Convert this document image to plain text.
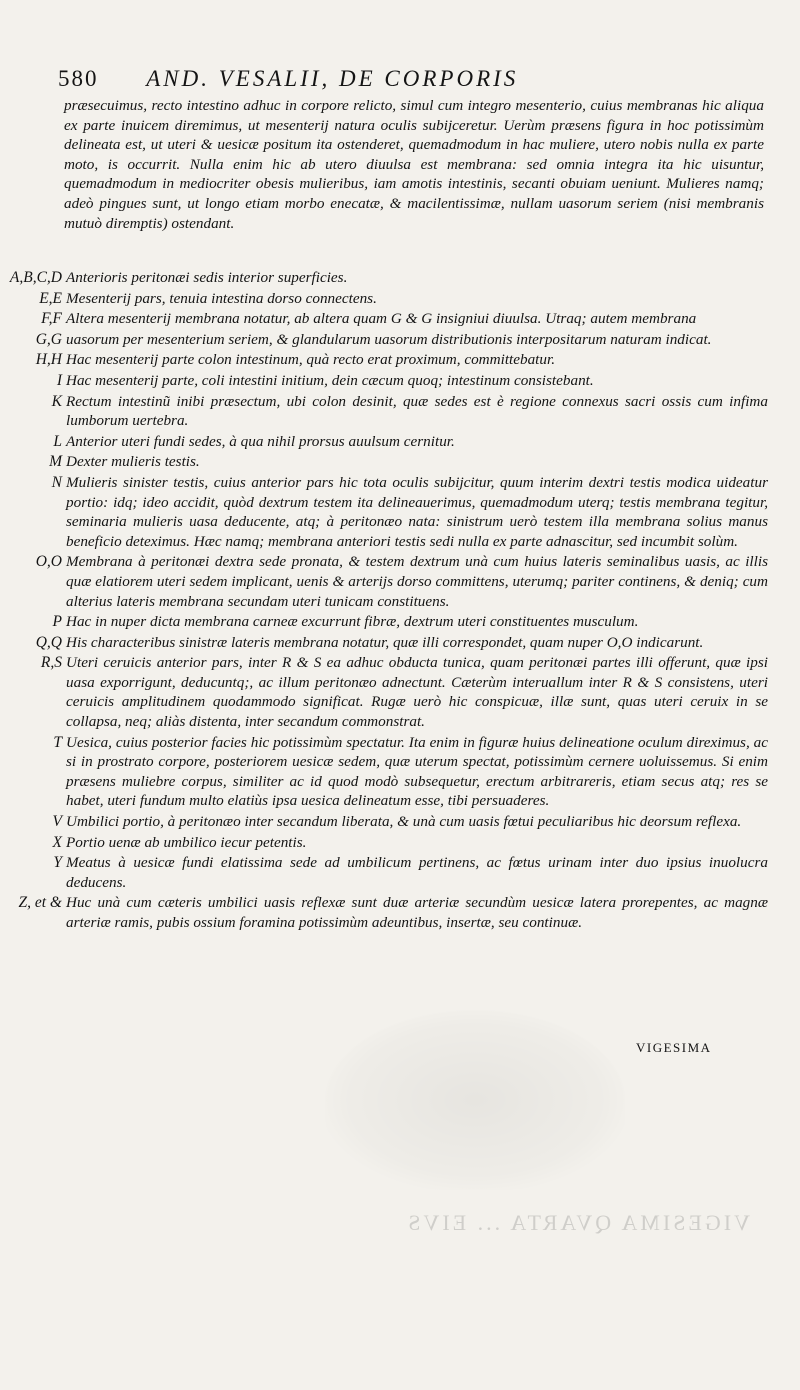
580 AND. VESALII, DE CORPORIS

præsecuimus, recto intestino adhuc in corpore relicto, simul cum integro mesenterio, cuius membranas hic aliqua ex parte inuicem diremimus, ut mesenterij natura oculis subijceretur. Uerùm præsens figura in hoc potissimùm delineata est, ut uteri & uesicæ positum ita ostenderet, quemadmodum in hac muliere, utero nobis nulla ex parte moto, is occurrit. Nulla enim hic ab utero diuulsa est membrana: sed omnia integra ita hic uisuntur, quemadmodum in mediocriter obesis mulieribus, iam amotis intestinis, secanti obuiam ueniunt. Mulieres namq; adeò pingues sunt, ut longo etiam morbo enecatæ, & macilentissimæ, nullam uasorum seriem (nisi membranis mutuò diremptis) ostendant.

A,B,C,D Anterioris peritonæi sedis interior superficies.
E,E Mesenterij pars, tenuia intestina dorso connectens.
F,F Altera mesenterij membrana notatur, ab altera quam G & G insigniui diuulsa. Utraq; autem membrana
G,G uasorum per mesenterium seriem, & glandularum uasorum distributionis interpositarum naturam indicat.
H,H Hac mesenterij parte colon intestinum, quà recto erat proximum, committebatur.
I Hac mesenterij parte, coli intestini initium, dein cæcum quoq; intestinum consistebant.
K Rectum intestinũ inibi præsectum, ubi colon desinit, quæ sedes est è regione connexus sacri ossis cum infima lumborum uertebra.
L Anterior uteri fundi sedes, à qua nihil prorsus auulsum cernitur.
M Dexter mulieris testis.
N Mulieris sinister testis, cuius anterior pars hic tota oculis subijcitur, quum interim dextri testis modica uideatur portio: idq; ideo accidit, quòd dextrum testem ita delineauerimus, quemadmodum uterq; testis membrana tegitur, seminaria mulieris uasa deducente, atq; à peritonæo nata: sinistrum uerò testem illa membrana solius manus beneficio deteximus. Hæc namq; membrana anteriori testis sedi nulla ex parte adnascitur, sed incumbit solùm.
O,O Membrana à peritonæi dextra sede pronata, & testem dextrum unà cum huius lateris seminalibus uasis, ac illis quæ elatiorem uteri sedem implicant, uenis & arterijs dorso committens, uterumq; pariter continens, & deniq; cum alterius lateris membrana secundam uteri tunicam constituens.
P Hac in nuper dicta membrana carneæ excurrunt fibræ, dextrum uteri constituentes musculum.
Q,Q His characteribus sinistræ lateris membrana notatur, quæ illi correspondet, quam nuper O,O indicarunt.
R,S Uteri ceruicis anterior pars, inter R & S ea adhuc obducta tunica, quam peritonæi partes illi offerunt, quæ ipsi uasa exporrigunt, deducuntq;, ac illum peritonæo adnectunt. Cæterùm interuallum inter R & S consistens, uteri ceruicis amplitudinem quodammodo significat. Rugæ uerò hic conspicuæ, illæ sunt, quas uteri ceruix in se collapsa, neq; aliàs distenta, inter secandum commonstrat.
T Uesica, cuius posterior facies hic potissimùm spectatur. Ita enim in figuræ huius delineatione oculum direximus, ac si in prostrato corpore, posteriorem uesicæ sedem, quæ uterum spectat, potissimùm cernere uoluissemus. Si enim præsens muliebre corpus, similiter ac id quod modò subsequetur, erectum arbitrareris, etiam secus atq; res se habet, uteri fundum multo elatiùs ipsa uesica delineatum esse, tibi persuaderes.
V Umbilici portio, à peritonæo inter secandum liberata, & unà cum uasis fœtui peculiaribus hic deorsum reflexa.
X Portio uenæ ab umbilico iecur petentis.
Y Meatus à uesicæ fundi elatissima sede ad umbilicum pertinens, ac fœtus urinam inter duo ipsius inuolucra deducens.
Z, et & Huc unà cum cæteris umbilici uasis reflexæ sunt duæ arteriæ secundùm uesicæ latera prorepentes, ac magnæ arteriæ ramis, pubis ossium foramina potissimùm adeuntibus, insertæ, seu continuæ.
VIGESIMA
VIGESIMA QVARTA ... EIVS
